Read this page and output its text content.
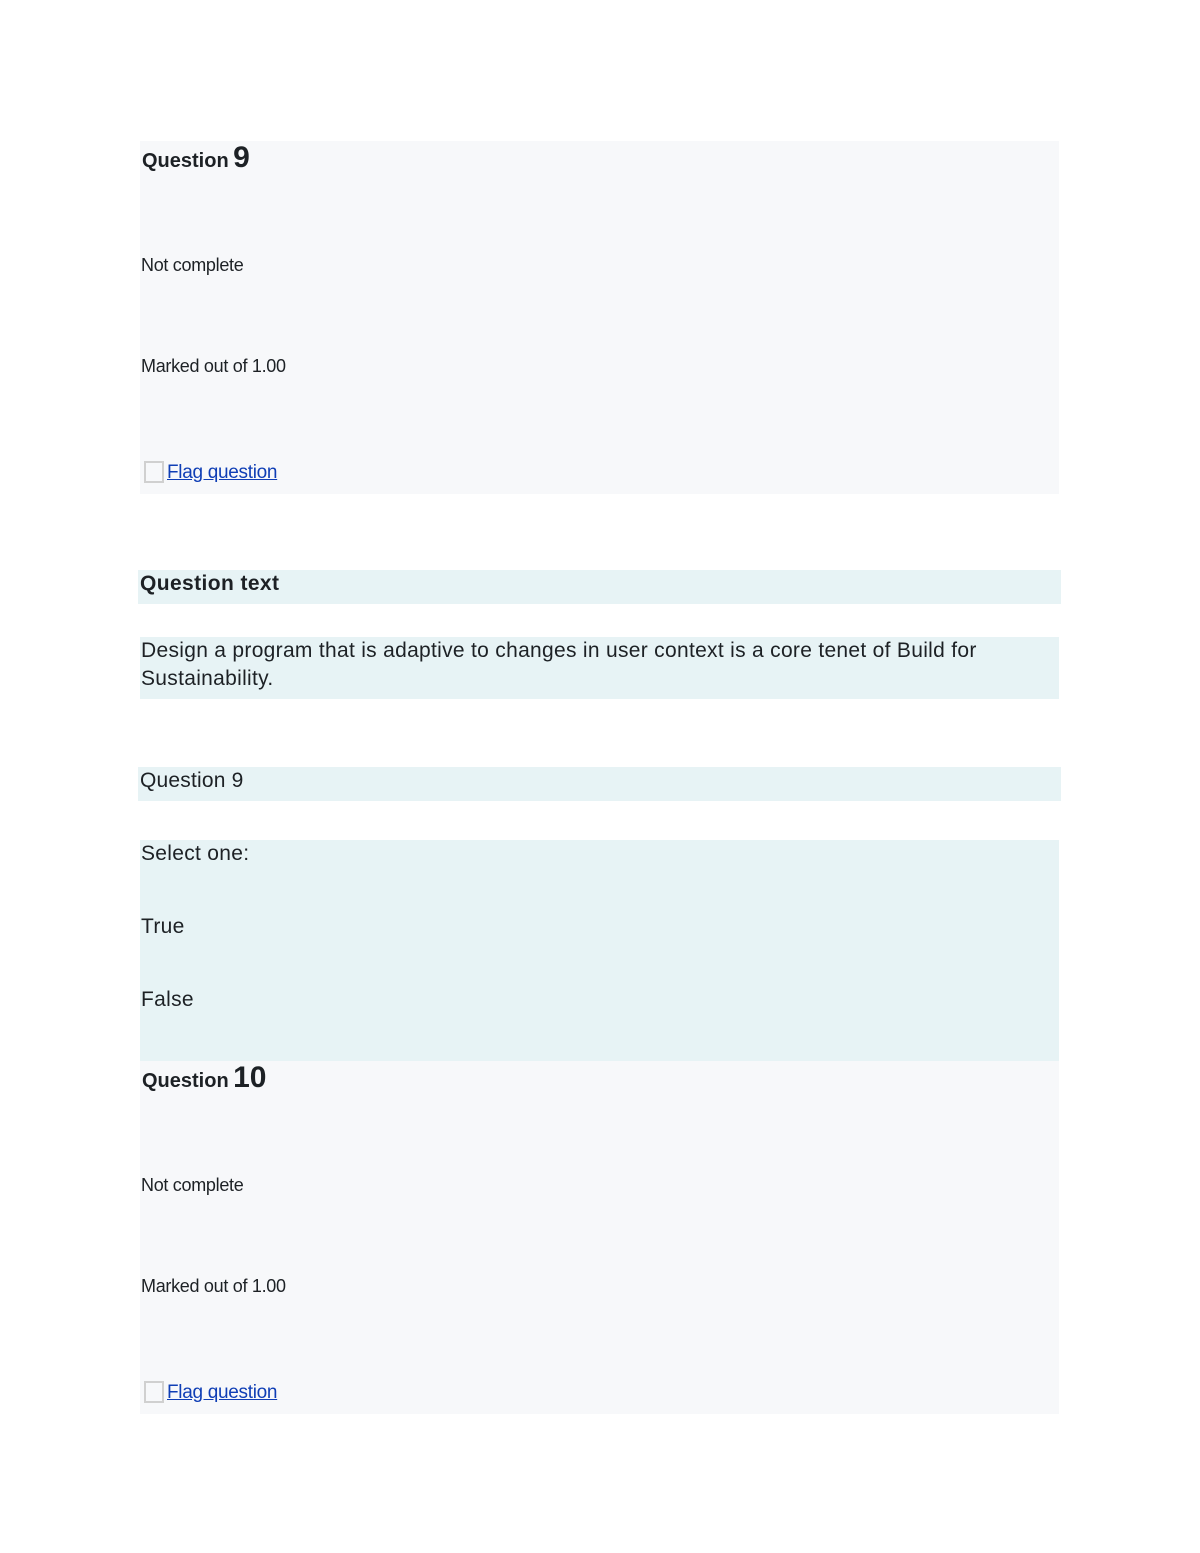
Question 9
Not complete
Marked out of 1.00
Flag question
Question text
Design a program that is adaptive to changes in user context is a core tenet of Build for Sustainability.
Question 9
Select one:
True
False
Question 10
Not complete
Marked out of 1.00
Flag question
